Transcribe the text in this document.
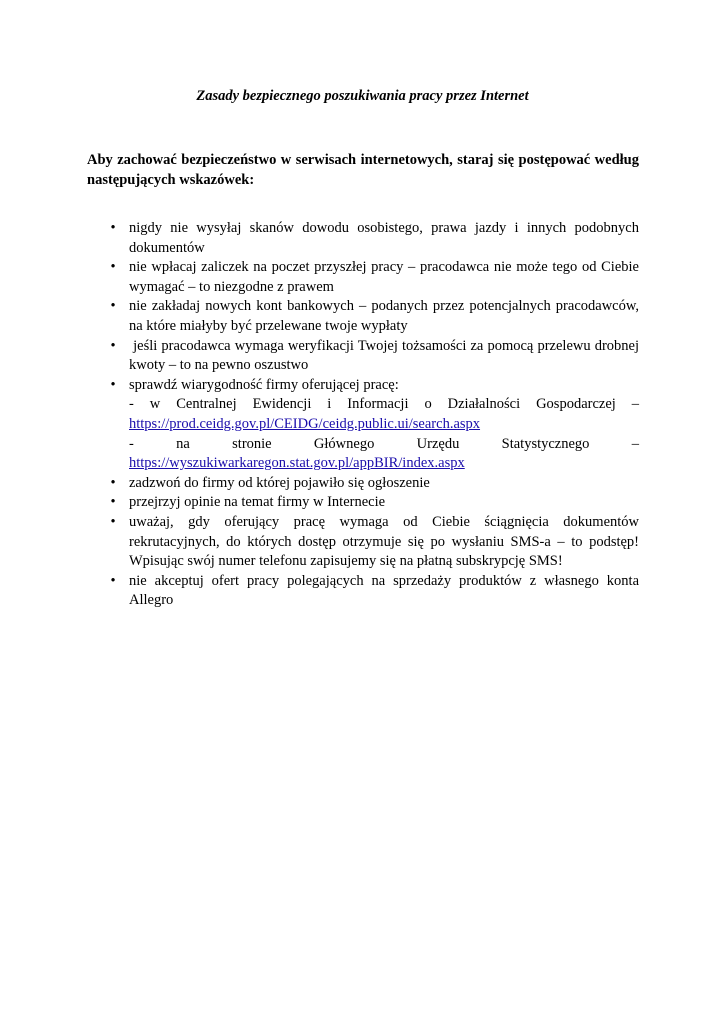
Zasady bezpiecznego poszukiwania pracy przez Internet
Aby zachować bezpieczeństwo w serwisach internetowych, staraj się postępować według następujących wskazówek:
• nigdy nie wysyłaj skanów dowodu osobistego, prawa jazdy i innych podobnych dokumentów
• nie wpłacaj zaliczek na poczet przyszłej pracy – pracodawca nie może tego od Ciebie wymagać – to niezgodne z prawem
• nie zakładaj nowych kont bankowych – podanych przez potencjalnych pracodawców, na które miałyby być przelewane twoje wypłaty
• jeśli pracodawca wymaga weryfikacji Twojej tożsamości za pomocą przelewu drobnej kwoty – to na pewno oszustwo
• sprawdź wiarygodność firmy oferującej pracę:
- w Centralnej Ewidencji i Informacji o Działalności Gospodarczej –
https://prod.ceidg.gov.pl/CEIDG/ceidg.public.ui/search.aspx
- na stronie Głównego Urzędu Statystycznego –
https://wyszukiwarkaregon.stat.gov.pl/appBIR/index.aspx
• zadzwoń do firmy od której pojawiło się ogłoszenie
• przejrzyj opinie na temat firmy w Internecie
• uważaj, gdy oferujący pracę wymaga od Ciebie ściągnięcia dokumentów rekrutacyjnych, do których dostęp otrzymuje się po wysłaniu SMS-a – to podstęp! Wpisując swój numer telefonu zapisujemy się na płatną subskrypcję SMS!
• nie akceptuj ofert pracy polegających na sprzedaży produktów z własnego konta Allegro
